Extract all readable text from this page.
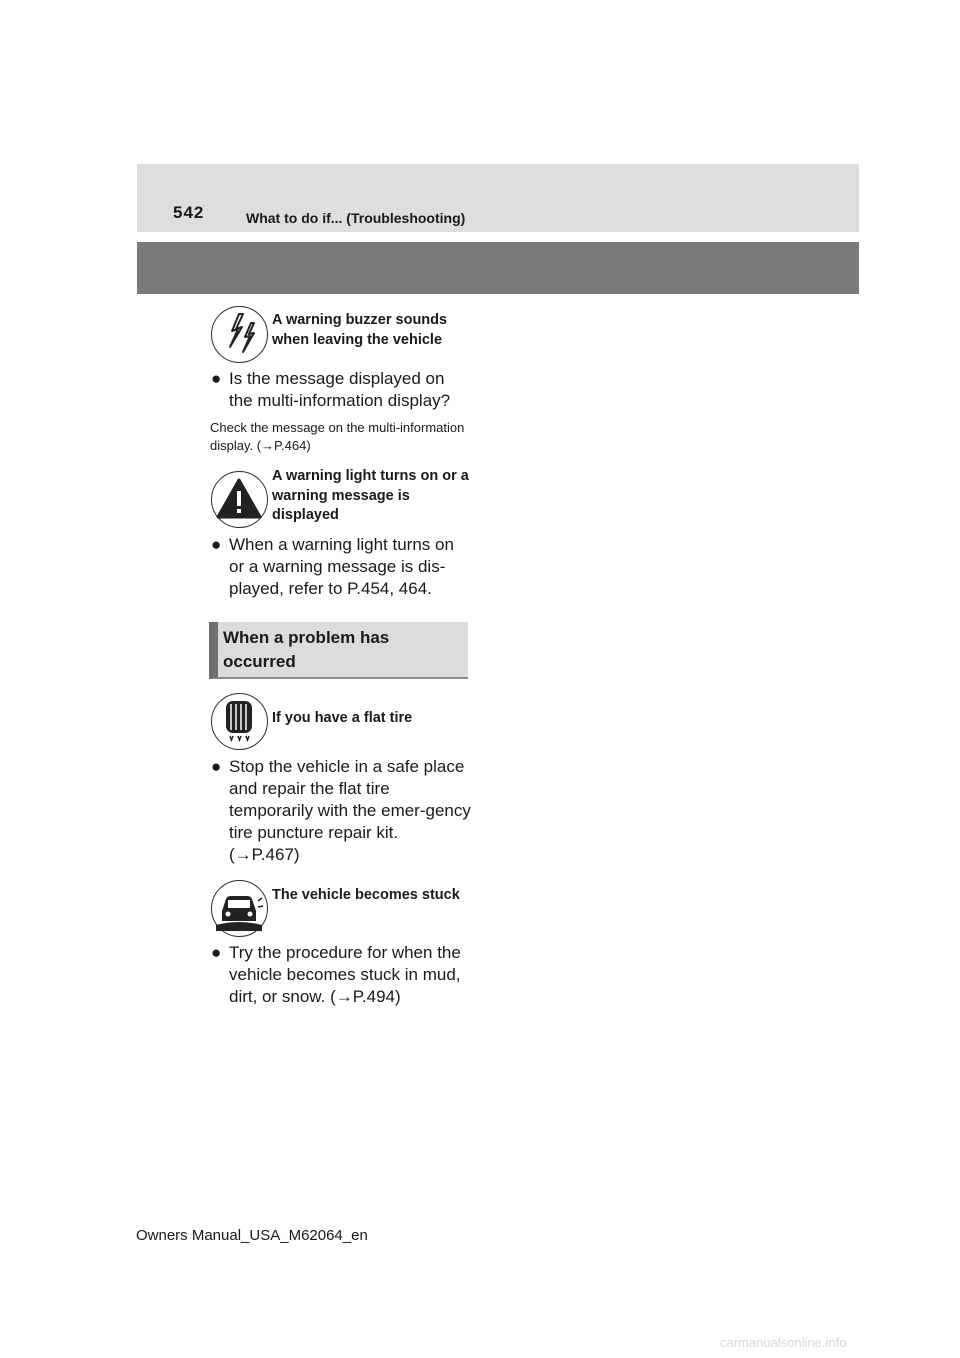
542	What to do if... (Troubleshooting)
A warning buzzer sounds when leaving the vehicle
● Is the message displayed on the multi-information display?
Check the message on the multi-information display. (→P.464)
A warning light turns on or a warning message is displayed
● When a warning light turns on or a warning message is dis-played, refer to P.454, 464.
When a problem has occurred
If you have a flat tire
● Stop the vehicle in a safe place and repair the flat tire temporarily with the emer-gency tire puncture repair kit. (→P.467)
The vehicle becomes stuck
● Try the procedure for when the vehicle becomes stuck in mud, dirt, or snow. (→P.494)
Owners Manual_USA_M62064_en
carmanualsonline.info
